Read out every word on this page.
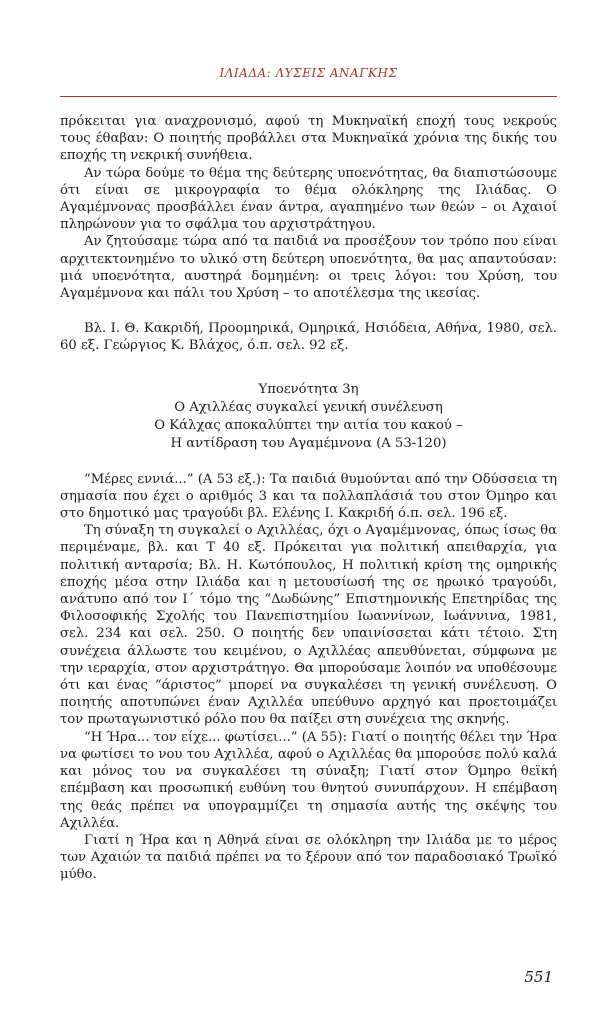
ΙΛΙΑΔΑ: ΛΥΣΕΙΣ ΑΝΑΓΚΗΣ

πρόκειται για αναχρονισμό, αφού τη Μυκηναϊκή εποχή τους νεκρούς τους έθαβαν: Ο ποιητής προβάλλει στα Μυκηναϊκά χρόνια της δικής του εποχής τη νεκρική συνήθεια.

Αν τώρα δούμε το θέμα της δεύτερης υποενότητας, θα διαπιστώσουμε ότι είναι σε μικρογραφία το θέμα ολόκληρης της Ιλιάδας. Ο Αγαμέμνονας προσβάλλει έναν άντρα, αγαπημένο των θεών – οι Αχαιοί πληρώνουν για το σφάλμα του αρχιστράτηγου.

Αν ζητούσαμε τώρα από τα παιδιά να προσέξουν τον τρόπο που είναι αρχιτεκτονημένο το υλικό στη δεύτερη υποενότητα, θα μας απαντούσαν: μιά υποενότητα, αυστηρά δομημένη: οι τρεις λόγοι: του Χρύση, του Αγαμέμνονα και πάλι του Χρύση – το αποτέλεσμα της ικεσίας.

Βλ. Ι. Θ. Κακριδή, Προομηρικά, Ομηρικά, Ησιόδεια, Αθήνα, 1980, σελ. 60 εξ. Γεώργιος Κ. Βλάχος, ό.π. σελ. 92 εξ.

Υποενότητα 3η
Ο Αχιλλέας συγκαλεί γενική συνέλευση
Ο Κάλχας αποκαλύπτει την αιτία του κακού –
Η αντίδραση του Αγαμέμνονα (Α 53-120)

“Μέρες εννιά...” (Α 53 εξ.): Τα παιδιά θυμούνται από την Οδύσσεια τη σημασία που έχει ο αριθμός 3 και τα πολλαπλάσιά του στον Όμηρο και στο δημοτικό μας τραγούδι βλ. Ελένης Ι. Κακριδή ό.π. σελ. 196 εξ.

Τη σύναξη τη συγκαλεί ο Αχιλλέας, όχι ο Αγαμέμνονας, όπως ίσως θα περιμέναμε, βλ. και Τ 40 εξ. Πρόκειται για πολιτική απειθαρχία, για πολιτική ανταρσία; Βλ. Η. Κωτόπουλος, Η πολιτική κρίση της ομηρικής εποχής μέσα στην Ιλιάδα και η μετουσίωσή της σε ηρωικό τραγούδι, ανάτυπο από τον Ι΄ τόμο της “Δωδώνης” Επιστημονικής Επετηρίδας της Φιλοσοφικής Σχολής του Πανεπιστημίου Ιωαννίνων, Ιωάννινα, 1981, σελ. 234 και σελ. 250. Ο ποιητής δεν υπαινίσσεται κάτι τέτοιο. Στη συνέχεια άλλωστε του κειμένου, ο Αχιλλέας απευθύνεται, σύμφωνα με την ιεραρχία, στον αρχιστράτηγο. Θα μπορούσαμε λοιπόν να υποθέσουμε ότι και ένας “άριστος” μπορεί να συγκαλέσει τη γενική συνέλευση. Ο ποιητής αποτυπώνει έναν Αχιλλέα υπεύθυνο αρχηγό και προετοιμάζει τον πρωταγωνιστικό ρόλο που θα παίξει στη συνέχεια της σκηνής.

“Η Ήρα... τον είχε... φωτίσει...” (Α 55): Γιατί ο ποιητής θέλει την Ήρα να φωτίσει το νου του Αχιλλέα, αφού ο Αχιλλέας θα μπορούσε πολύ καλά και μόνος του να συγκαλέσει τη σύναξη; Γιατί στον Όμηρο θεϊκή επέμβαση και προσωπική ευθύνη του θνητού συνυπάρχουν. Η επέμβαση της θεάς πρέπει να υπογραμμίζει τη σημασία αυτής της σκέψης του Αχιλλέα.

Γιατί η Ήρα και η Αθηνά είναι σε ολόκληρη την Ιλιάδα με το μέρος των Αχαιών τα παιδιά πρέπει να το ξέρουν από τον παραδοσιακό Τρωϊκό μύθο.

551
